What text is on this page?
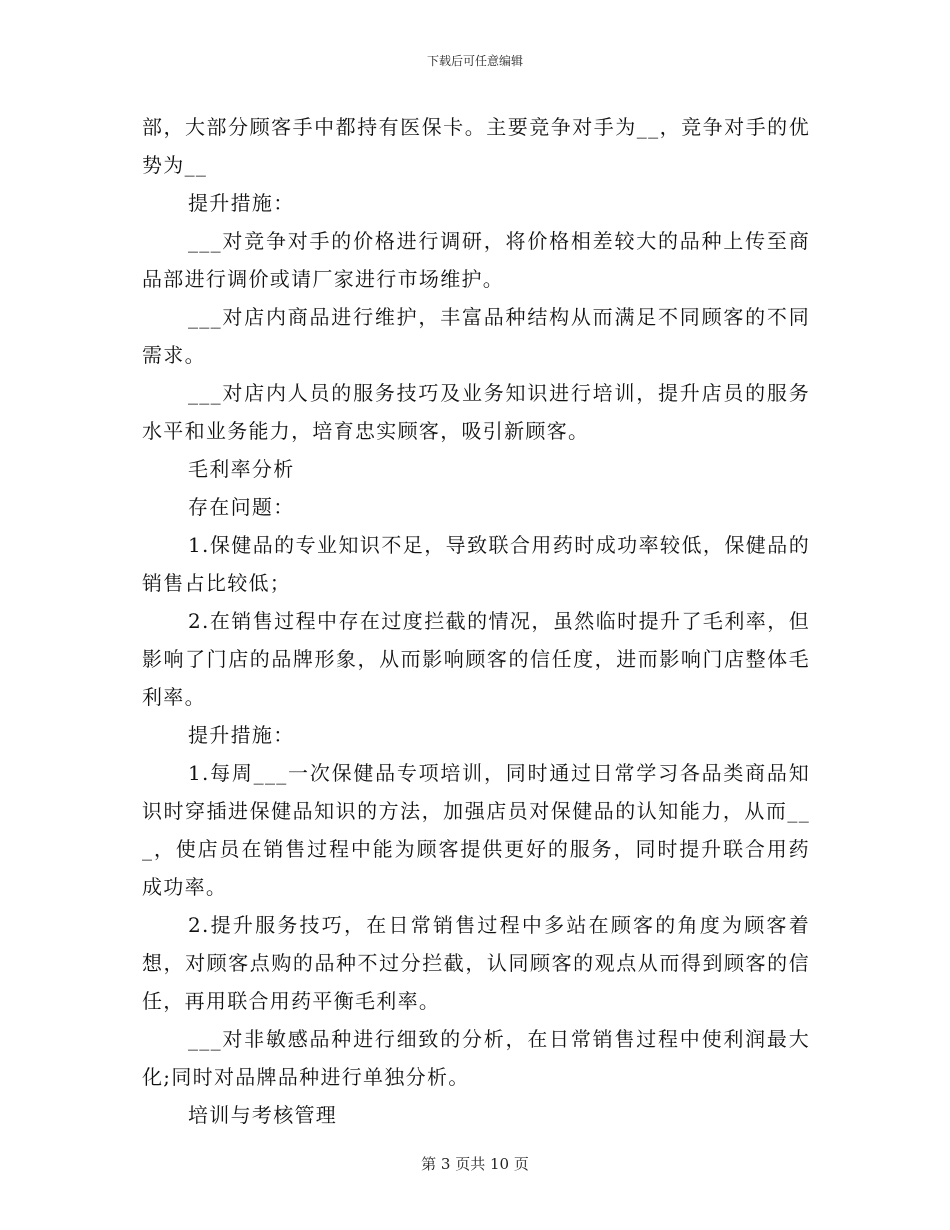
下载后可任意编辑

部，大部分顾客手中都持有医保卡。主要竞争对手为__，竞争对手的优势为__

提升措施：

___对竞争对手的价格进行调研，将价格相差较大的品种上传至商品部进行调价或请厂家进行市场维护。

___对店内商品进行维护，丰富品种结构从而满足不同顾客的不同需求。

___对店内人员的服务技巧及业务知识进行培训，提升店员的服务水平和业务能力，培育忠实顾客，吸引新顾客。

毛利率分析

存在问题：

1.保健品的专业知识不足，导致联合用药时成功率较低，保健品的销售占比较低；

2.在销售过程中存在过度拦截的情况，虽然临时提升了毛利率，但影响了门店的品牌形象，从而影响顾客的信任度，进而影响门店整体毛利率。

提升措施：

1.每周___一次保健品专项培训，同时通过日常学习各品类商品知识时穿插进保健品知识的方法，加强店员对保健品的认知能力，从而___，使店员在销售过程中能为顾客提供更好的服务，同时提升联合用药成功率。

2.提升服务技巧，在日常销售过程中多站在顾客的角度为顾客着想，对顾客点购的品种不过分拦截，认同顾客的观点从而得到顾客的信任，再用联合用药平衡毛利率。

___对非敏感品种进行细致的分析，在日常销售过程中使利润最大化;同时对品牌品种进行单独分析。

培训与考核管理

第 3 页共 10 页
